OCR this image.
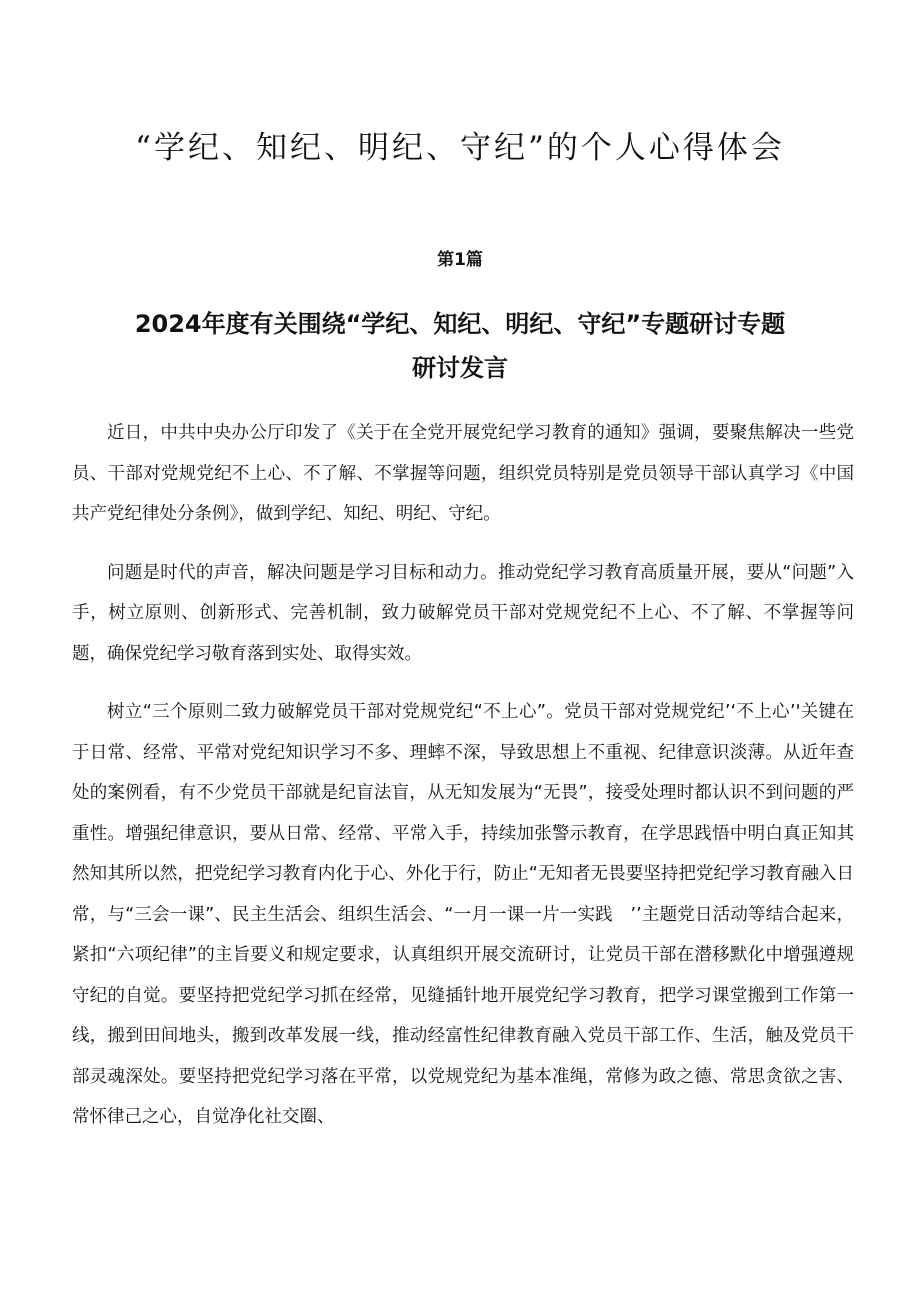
“学纪、知纪、明纪、守纪”的个人心得体会
第1篇
2024年度有关围绕“学纪、知纪、明纪、守纪”专题研讨专题研讨发言

近日，中共中央办公厅印发了《关于在全党开展党纪学习教育的通知》强调，要聚焦解决一些党员、干部对党规党纪不上心、不了解、不掌握等问题，组织党员特别是党员领导干部认真学习《中国共产党纪律处分条例》，做到学纪、知纪、明纪、守纪。

问题是时代的声音，解决问题是学习目标和动力。推动党纪学习教育高质量开展，要从“问题”入手，树立原则、创新形式、完善机制，致力破解党员干部对党规党纪不上心、不了解、不掌握等问题，确保党纪学习敬育落到实处、取得实效。

树立“三个原则二致力破解党员干部对党规党纪“不上心”。党员干部对党规党纪’‘不上心’'关键在于日常、经常、平常对党纪知识学习不多、理蟀不深，导致思想上不重视、纪律意识淡薄。从近年查处的案例看，有不少党员干部就是纪盲法盲，从无知发展为“无畏”，接受处理时都认识不到问题的严重性。增强纪律意识，要从日常、经常、平常入手，持续加张警示教育，在学思践悟中明白真正知其然知其所以然，把党纪学习教育内化于心、外化于行，防止“无知者无畏要坚持把党纪学习教育融入日常，与“三会一课”、民主生活会、组织生活会、“一月一课一片一实践　’’主题党日活动等结合起来，紧扣“六项纪律”的主旨要义和规定要求，认真组织开展交流研讨，让党员干部在潜移默化中增强遵规守纪的自觉。要坚持把党纪学习抓在经常，见缝插针地开展党纪学习教育，把学习课堂搬到工作第一线，搬到田间地头，搬到改革发展一线，推动经富性纪律教育融入党员干部工作、生活，触及党员干部灵魂深处。要坚持把党纪学习落在平常，以党规党纪为基本准绳，常修为政之德、常思贪欲之害、常怀律己之心，自觉净化社交圈、
